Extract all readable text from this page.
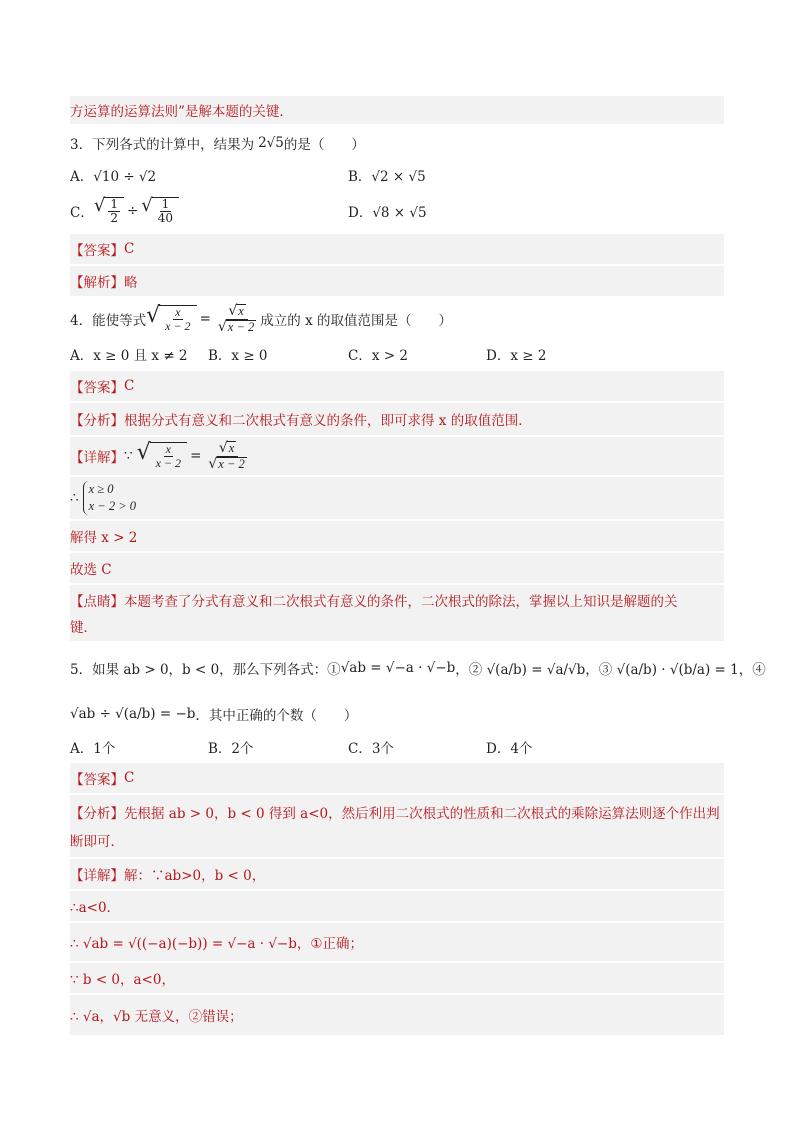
方运算的运算法则”是解本题的关键．
3．下列各式的计算中，结果为 2√5 的是（　　）
A．√10 ÷ √2	B．√2 × √5
C． √ $\frac{1}{2}$ ÷ √ $\frac{1}{40}$	D．√8 × √5
【答案】 C
【解析】 略
4．能使等式 √ $\frac{x}{x - 2} = \frac{√ x}{√ x - 2}$ 成立的 x 的取值范围是（　　）
A．x ≥ 0 且 x ≠ 2 B．x ≥ 0	C．x > 2	D．x ≥ 2
【答案】 C
【分析】 根据分式有意义和二次根式有意义的条件，即可求得 x 的取值范围．
【详解】 ∵ √ $\frac{x}{x - 2} = \frac{√ x}{√ x - 2}$
∴
x ≥ 0
x − 2 > 0
解得 x > 2
故选 C
【点睛】 本题考查了分式有意义和二次根式有意义的条件，二次根式的除法，掌握以上知识是解题的关
键．
5．如果 ab > 0，b < 0，那么下列各式：① √ab = √−a · √−b ，② √(a/b) = √a/√b ，③ √(a/b) · √(b/a) = 1 ，④
√ab ÷ √(a/b) = −b ．其中正确的个数（　　）
A．1个	B．2个	C．3个	D．4个
【答案】 C
【分析】 先根据 ab > 0，b < 0 得到 a<0，然后利用二次根式的性质和二次根式的乘除运算法则逐个作出判
断即可．
【详解】 解：∵ab>0，b < 0，
∴a<0．
∴ √ab = √((−a)(−b)) = √−a · √−b，①正确；
∵ b < 0，a<0，
∴ √a，√b 无意义，②错误；
